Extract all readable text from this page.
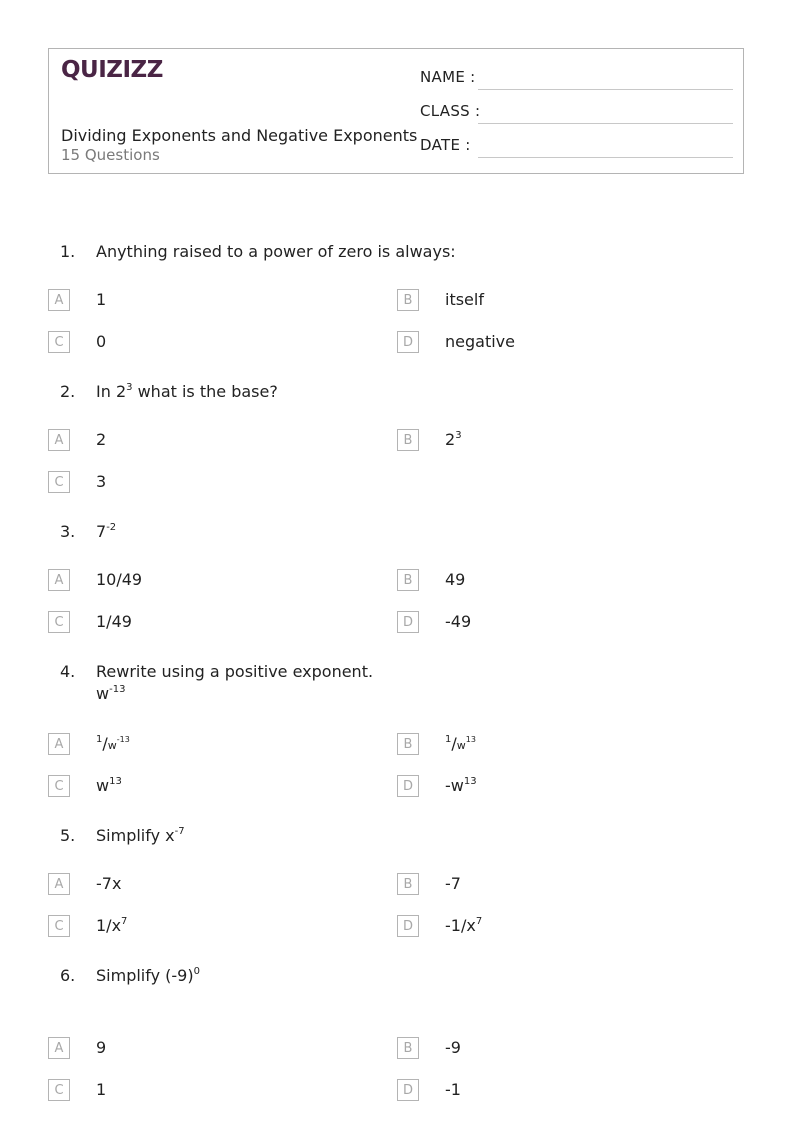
QUIZIZZ
Dividing Exponents and Negative Exponents
15 Questions
NAME :
CLASS :
DATE :
1. Anything raised to a power of zero is always:
A	1	B	itself
C	0	D	negative
2. In $2^3$ what is the base?
A	2	B	$2^3$
C	3
3. $7^{-2}$
A	10/49	B	49
C	1/49	D	-49
4. Rewrite using a positive exponent.
$w^{-13}$
A	$^1/w^{-13}$	B	$^1/w^{13}$
C	$w^{13}$	D	$-w^{13}$
5. Simplify $x^{-7}$
A	-7x	B	-7
C	$1/x^7$	D	$-1/x^7$
6. Simplify $(-9)^0$
A	9	B	-9
C	1	D	-1
